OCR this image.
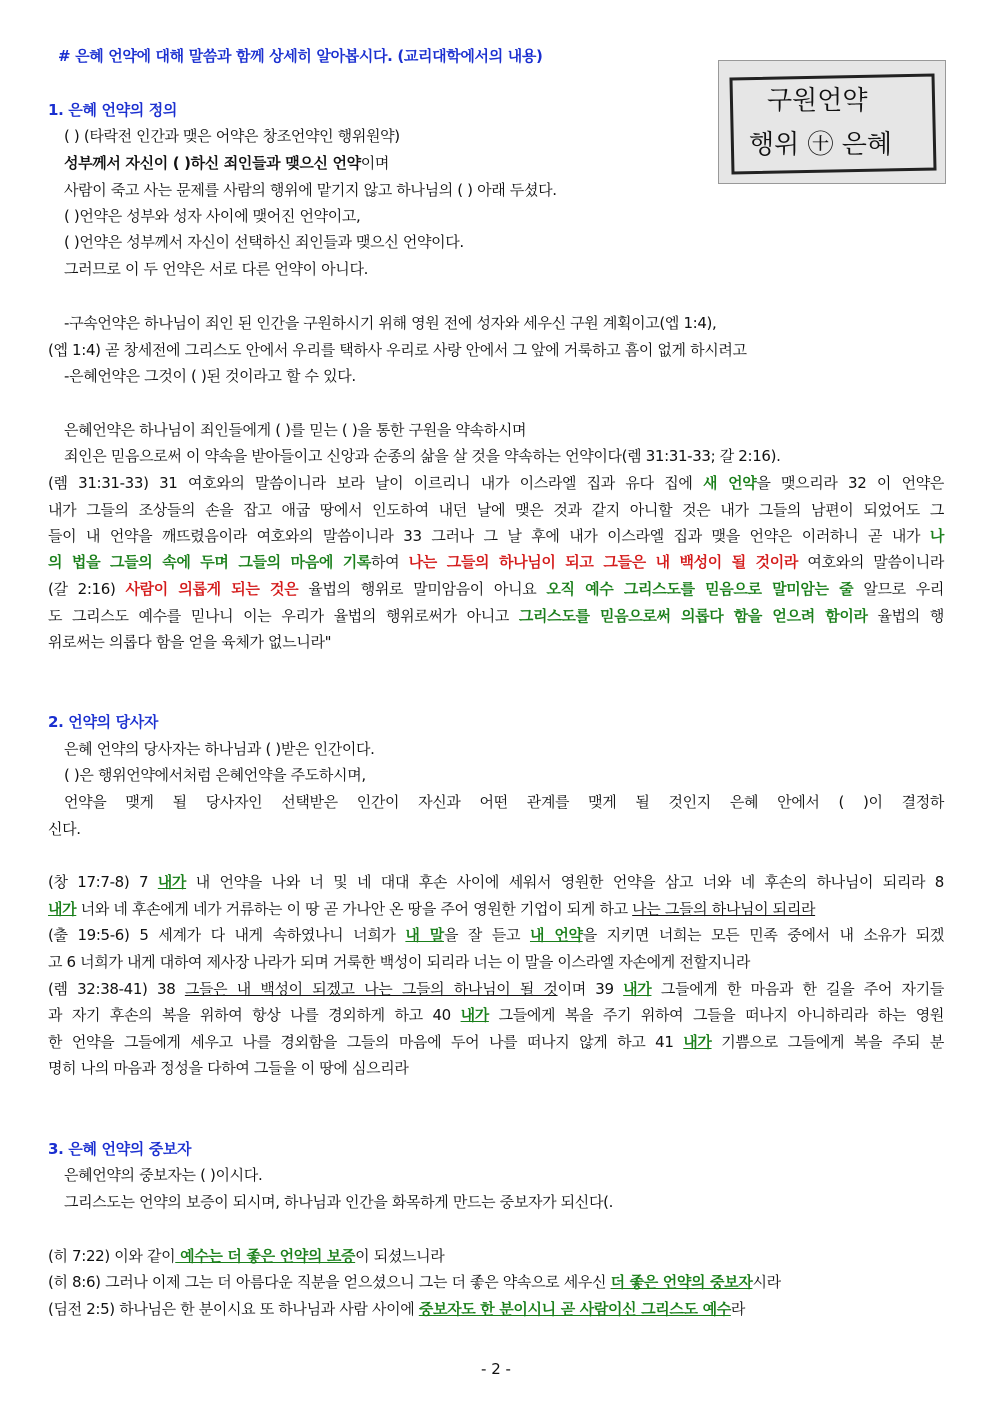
# 은혜 언약에 대해 말씀과 함께 상세히 알아봅시다. (교리대학에서의 내용)
구원언약
행위 ㊉ 은혜
1. 은혜 언약의 정의
( ) (타락전 인간과 맺은 어약은 창조언약인 행위원약)
성부께서 자신이 ( )하신 죄인들과 맺으신 언약이며
사람이 죽고 사는 문제를 사람의 행위에 맡기지 않고 하나님의 ( ) 아래 두셨다.
( )언약은 성부와 성자 사이에 맺어진 언약이고,
( )언약은 성부께서 자신이 선택하신 죄인들과 맺으신 언약이다.
그러므로 이 두 언약은 서로 다른 언약이 아니다.
-구속언약은 하나님이 죄인 된 인간을 구원하시기 위해 영원 전에 성자와 세우신 구원 계획이고(엡 1:4),
(엡 1:4) 곧 창세전에 그리스도 안에서 우리를 택하사 우리로 사랑 안에서 그 앞에 거룩하고 흠이 없게 하시려고
-은혜언약은 그것이 ( )된 것이라고 할 수 있다.
은혜언약은 하나님이 죄인들에게 ( )를 믿는 ( )을 통한 구원을 약속하시며
죄인은 믿음으로써 이 약속을 받아들이고 신앙과 순종의 삶을 살 것을 약속하는 언약이다(렘 31:31-33; 갈 2:16).
(렘 31:31-33) 31 여호와의 말씀이니라 보라 날이 이르리니 내가 이스라엘 집과 유다 집에 새 언약을 맺으리라 32 이 언약은
내가 그들의 조상들의 손을 잡고 애굽 땅에서 인도하여 내던 날에 맺은 것과 같지 아니할 것은 내가 그들의 남편이 되었어도 그
들이 내 언약을 깨뜨렸음이라 여호와의 말씀이니라 33 그러나 그 날 후에 내가 이스라엘 집과 맺을 언약은 이러하니 곧 내가 나
의 법을 그들의 속에 두며 그들의 마음에 기록하여 나는 그들의 하나님이 되고 그들은 내 백성이 될 것이라 여호와의 말씀이니라
(갈 2:16) 사람이 의롭게 되는 것은 율법의 행위로 말미암음이 아니요 오직 예수 그리스도를 믿음으로 말미암는 줄 알므로 우리
도 그리스도 예수를 믿나니 이는 우리가 율법의 행위로써가 아니고 그리스도를 믿음으로써 의롭다 함을 얻으려 함이라 율법의 행
위로써는 의롭다 함을 얻을 육체가 없느니라"
2. 언약의 당사자
은혜 언약의 당사자는 하나님과 ( )받은 인간이다.
( )은 행위언약에서처럼 은혜언약을 주도하시며,
언약을 맺게 될 당사자인 선택받은 인간이 자신과 어떤 관계를 맺게 될 것인지 은혜 안에서 ( )이 결정하
신다.
(창 17:7-8) 7 내가 내 언약을 나와 너 및 네 대대 후손 사이에 세워서 영원한 언약을 삼고 너와 네 후손의 하나님이 되리라 8
내가 너와 네 후손에게 네가 거류하는 이 땅 곧 가나안 온 땅을 주어 영원한 기업이 되게 하고 나는 그들의 하나님이 되리라
(출 19:5-6) 5 세계가 다 내게 속하였나니 너희가 내 말을 잘 듣고 내 언약을 지키면 너희는 모든 민족 중에서 내 소유가 되겠
고 6 너희가 내게 대하여 제사장 나라가 되며 거룩한 백성이 되리라 너는 이 말을 이스라엘 자손에게 전할지니라
(렘 32:38-41) 38 그들은 내 백성이 되겠고 나는 그들의 하나님이 될 것이며 39 내가 그들에게 한 마음과 한 길을 주어 자기들
과 자기 후손의 복을 위하여 항상 나를 경외하게 하고 40 내가 그들에게 복을 주기 위하여 그들을 떠나지 아니하리라 하는 영원
한 언약을 그들에게 세우고 나를 경외함을 그들의 마음에 두어 나를 떠나지 않게 하고 41 내가 기쁨으로 그들에게 복을 주되 분
명히 나의 마음과 정성을 다하여 그들을 이 땅에 심으리라
3. 은혜 언약의 중보자
은혜언약의 중보자는 ( )이시다.
그리스도는 언약의 보증이 되시며, 하나님과 인간을 화목하게 만드는 중보자가 되신다(.
(히 7:22) 이와 같이 예수는 더 좋은 언약의 보증이 되셨느니라
(히 8:6) 그러나 이제 그는 더 아름다운 직분을 얻으셨으니 그는 더 좋은 약속으로 세우신 더 좋은 언약의 중보자시라
(딤전 2:5) 하나님은 한 분이시요 또 하나님과 사람 사이에 중보자도 한 분이시니 곧 사람이신 그리스도 예수라
- 2 -
